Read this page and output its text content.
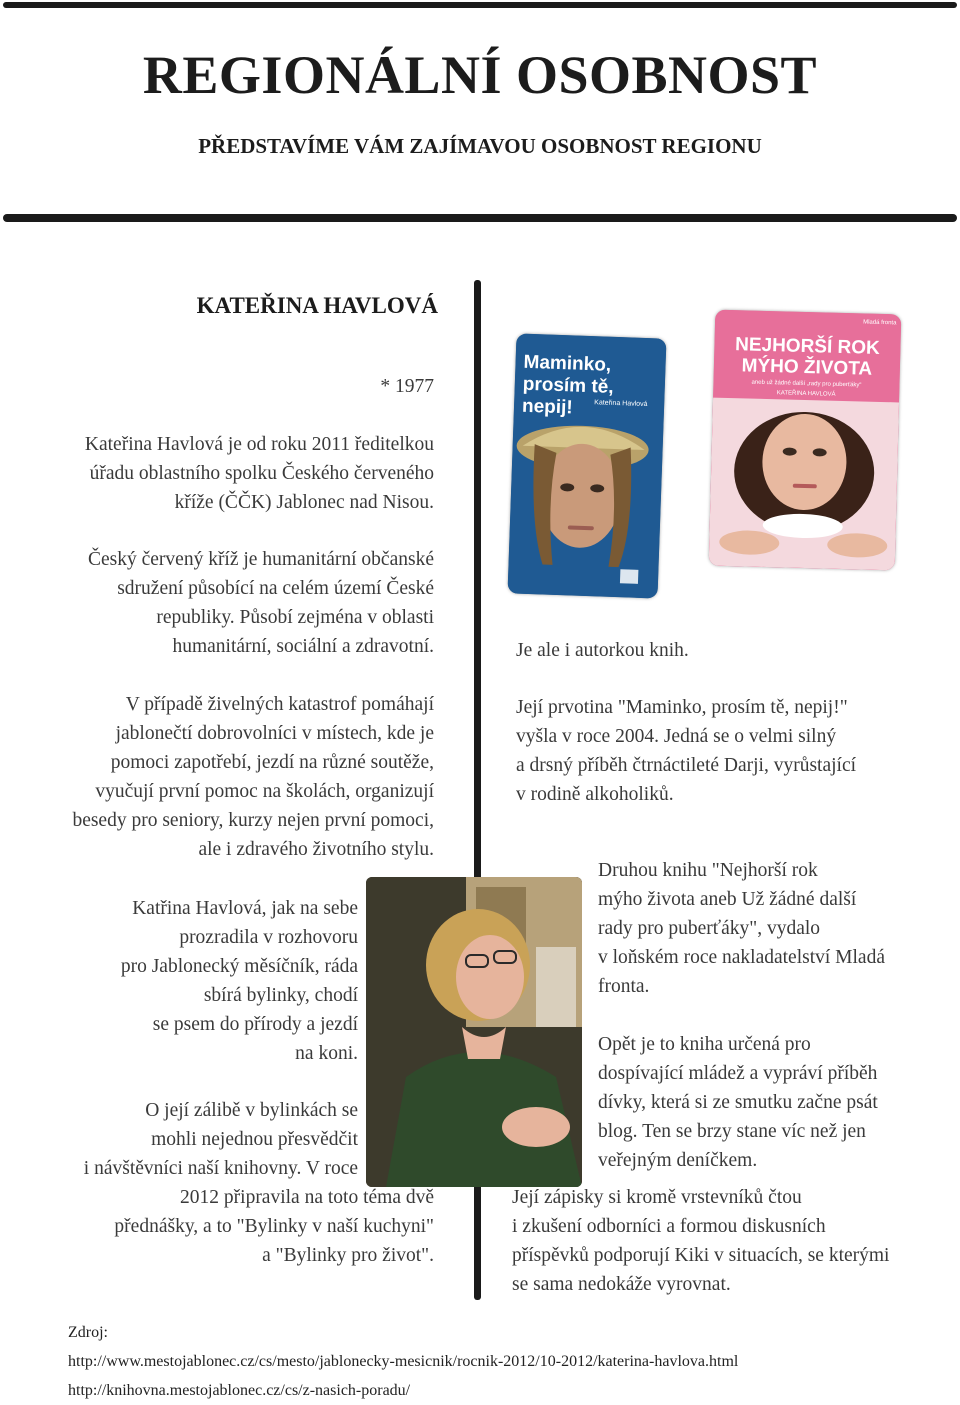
REGIONÁLNÍ OSOBNOST
PŘEDSTAVÍME VÁM ZAJÍMAVOU OSOBNOST REGIONU
KATEŘINA HAVLOVÁ
* 1977
Kateřina Havlová je od roku 2011 ředitelkou
úřadu oblastního spolku Českého červeného
kříže (ČČK) Jablonec nad Nisou.
Český červený kříž je humanitární občanské
sdružení působící na celém území České
republiky. Působí zejména v oblasti
humanitární, sociální a zdravotní.
V případě živelných katastrof pomáhají
jablonečtí dobrovolníci v místech, kde je
pomoci zapotřebí, jezdí na různé soutěže,
vyučují první pomoc na školách, organizují
besedy pro seniory, kurzy nejen první pomoci,
ale i zdravého životního stylu.
Katřina Havlová, jak na sebe
prozradila v rozhovoru
pro Jablonecký měsíčník, ráda
sbírá bylinky, chodí
se psem do přírody a jezdí
na koni.
O její zálibě v bylinkách se
mohli nejednou přesvědčit
i návštěvníci naší knihovny. V roce
2012 připravila na toto téma dvě
přednášky, a to "Bylinky v naší kuchyni"
a "Bylinky pro život".
Maminko,
prosím tě,
nepij!	Kateřina Havlová
Mladá fronta
NEJHORŠÍ ROK
MÝHO ŽIVOTA
aneb už žádné další „rady pro puberťáky“
KATEŘINA HAVLOVÁ
Je ale i autorkou knih.
Její prvotina "Maminko, prosím tě, nepij!"
vyšla v roce 2004. Jedná se o velmi silný
a drsný příběh čtrnáctileté Darji, vyrůstající
v rodině alkoholiků.
Druhou knihu "Nejhorší rok
mýho života aneb Už žádné další
rady pro puberťáky", vydalo
v loňském roce nakladatelství Mladá
fronta.
Opět je to kniha určená pro
dospívající mládež a vypráví příběh
dívky, která si ze smutku začne psát
blog. Ten se brzy stane víc než jen
veřejným deníčkem.
Její zápisky si kromě vrstevníků čtou
i zkušení odborníci a formou diskusních
příspěvků podporují Kiki v situacích, se kterými
se sama nedokáže vyrovnat.
Zdroj:
http://www.mestojablonec.cz/cs/mesto/jablonecky-mesicnik/rocnik-2012/10-2012/katerina-havlova.html
http://knihovna.mestojablonec.cz/cs/z-nasich-poradu/
